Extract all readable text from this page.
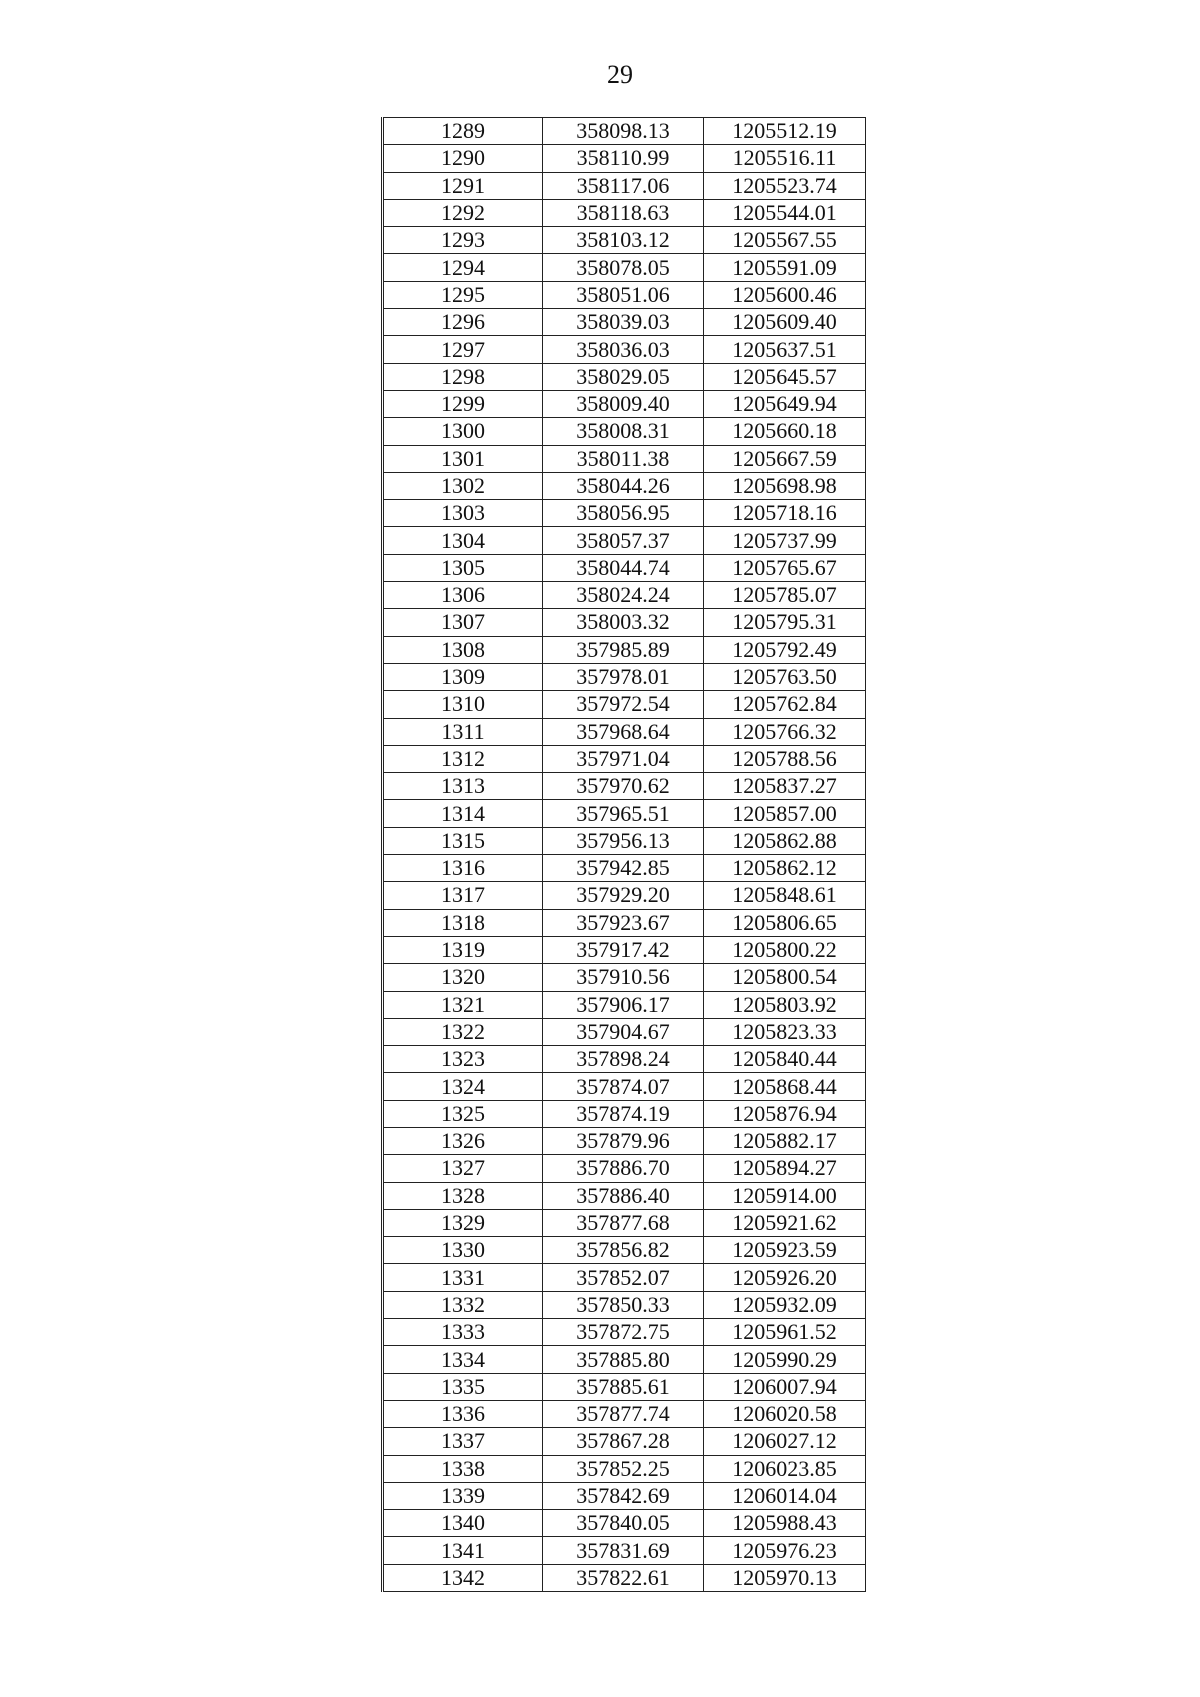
29
1289	358098.13	1205512.19
1290	358110.99	1205516.11
1291	358117.06	1205523.74
1292	358118.63	1205544.01
1293	358103.12	1205567.55
1294	358078.05	1205591.09
1295	358051.06	1205600.46
1296	358039.03	1205609.40
1297	358036.03	1205637.51
1298	358029.05	1205645.57
1299	358009.40	1205649.94
1300	358008.31	1205660.18
1301	358011.38	1205667.59
1302	358044.26	1205698.98
1303	358056.95	1205718.16
1304	358057.37	1205737.99
1305	358044.74	1205765.67
1306	358024.24	1205785.07
1307	358003.32	1205795.31
1308	357985.89	1205792.49
1309	357978.01	1205763.50
1310	357972.54	1205762.84
1311	357968.64	1205766.32
1312	357971.04	1205788.56
1313	357970.62	1205837.27
1314	357965.51	1205857.00
1315	357956.13	1205862.88
1316	357942.85	1205862.12
1317	357929.20	1205848.61
1318	357923.67	1205806.65
1319	357917.42	1205800.22
1320	357910.56	1205800.54
1321	357906.17	1205803.92
1322	357904.67	1205823.33
1323	357898.24	1205840.44
1324	357874.07	1205868.44
1325	357874.19	1205876.94
1326	357879.96	1205882.17
1327	357886.70	1205894.27
1328	357886.40	1205914.00
1329	357877.68	1205921.62
1330	357856.82	1205923.59
1331	357852.07	1205926.20
1332	357850.33	1205932.09
1333	357872.75	1205961.52
1334	357885.80	1205990.29
1335	357885.61	1206007.94
1336	357877.74	1206020.58
1337	357867.28	1206027.12
1338	357852.25	1206023.85
1339	357842.69	1206014.04
1340	357840.05	1205988.43
1341	357831.69	1205976.23
1342	357822.61	1205970.13
